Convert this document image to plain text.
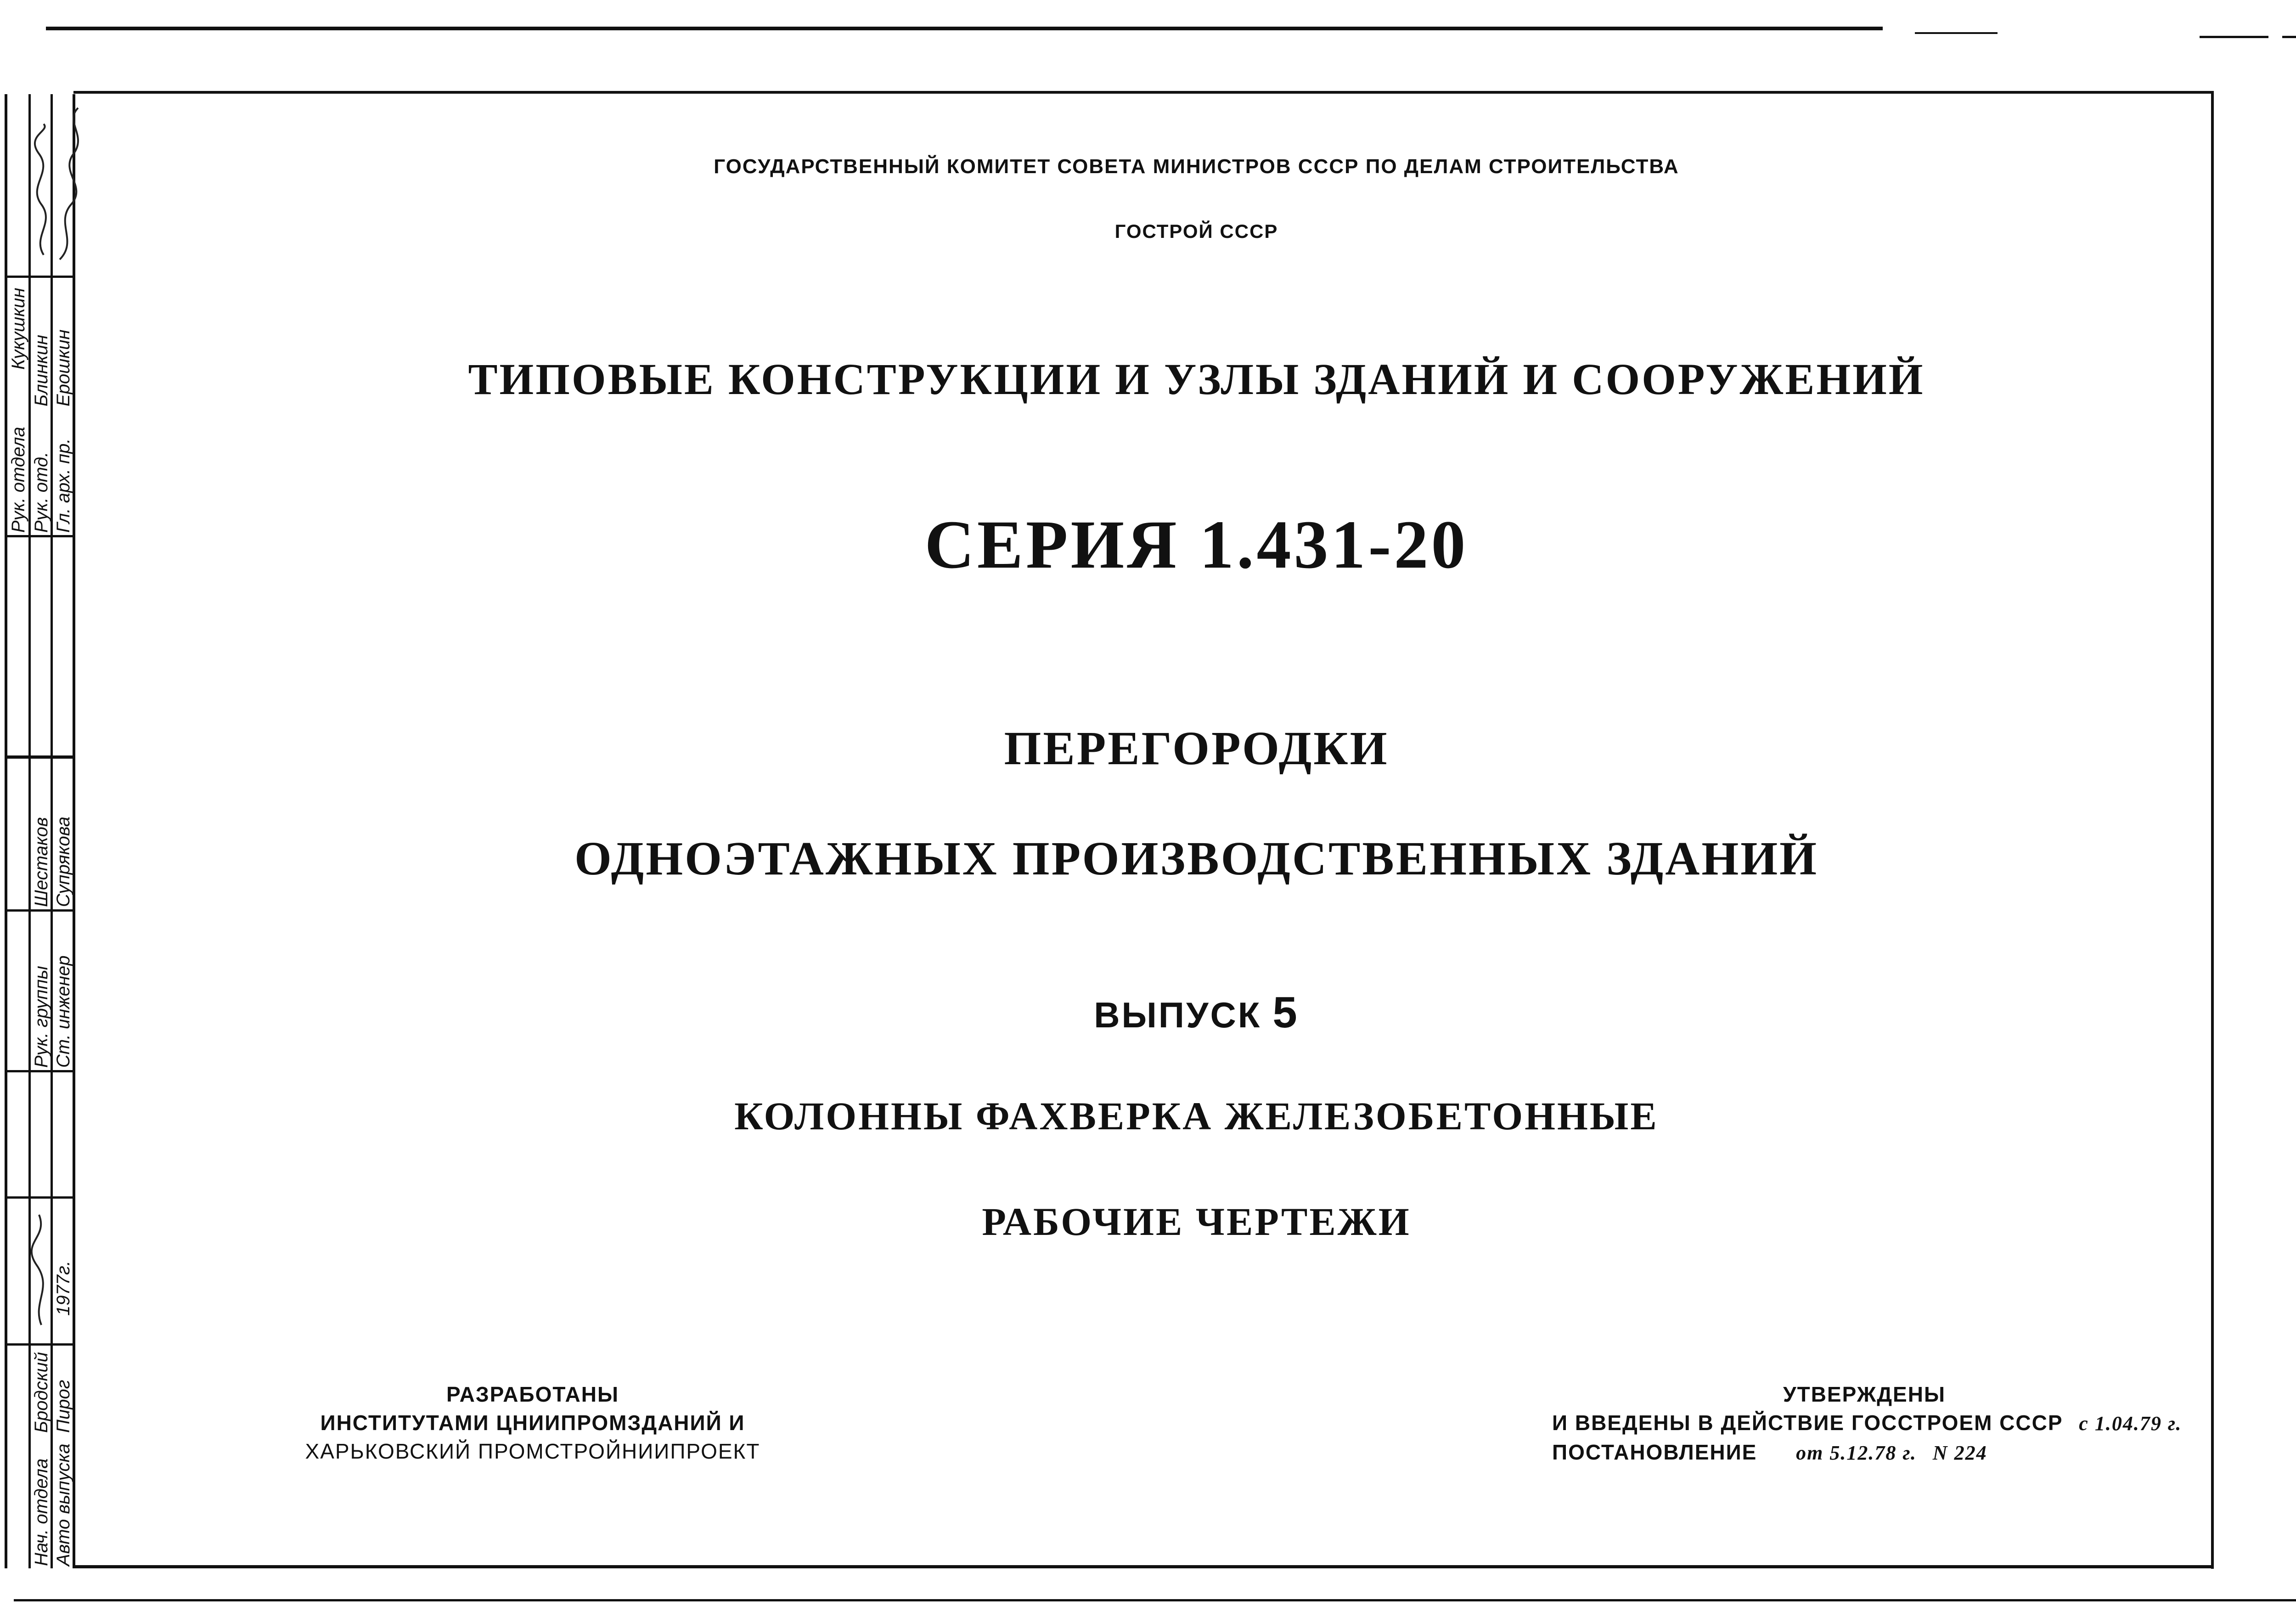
Рук. отдела
Кукушкин
Рук. отд.
Блинкин
Гл. арх. пр.
Ерошкин
Рук. группы
Шестаков
Ст. инженер
Супрякова
Нач. отдела
Бродский
Авто выпуска
Пирог
1977г.
ГОСУДАРСТВЕННЫЙ КОМИТЕТ СОВЕТА МИНИСТРОВ СССР ПО ДЕЛАМ СТРОИТЕЛЬСТВА
ГОСТРОЙ СССР
ТИПОВЫЕ КОНСТРУКЦИИ И УЗЛЫ ЗДАНИЙ И СООРУЖЕНИЙ
СЕРИЯ 1.431-20
ПЕРЕГОРОДКИ
ОДНОЭТАЖНЫХ ПРОИЗВОДСТВЕННЫХ ЗДАНИЙ
ВЫПУСК 5
КОЛОННЫ ФАХВЕРКА ЖЕЛЕЗОБЕТОННЫЕ
РАБОЧИЕ ЧЕРТЕЖИ
РАЗРАБОТАНЫ
ИНСТИТУТАМИ ЦНИИПРОМЗДАНИЙ И
ХАРЬКОВСКИЙ ПРОМСТРОЙНИИПРОЕКТ
УТВЕРЖДЕНЫ
И ВВЕДЕНЫ В ДЕЙСТВИЕ ГОССТРОЕМ СССР с 1.04.79 г.
ПОСТАНОВЛЕНИЕ от 5.12.78 г. N 224
